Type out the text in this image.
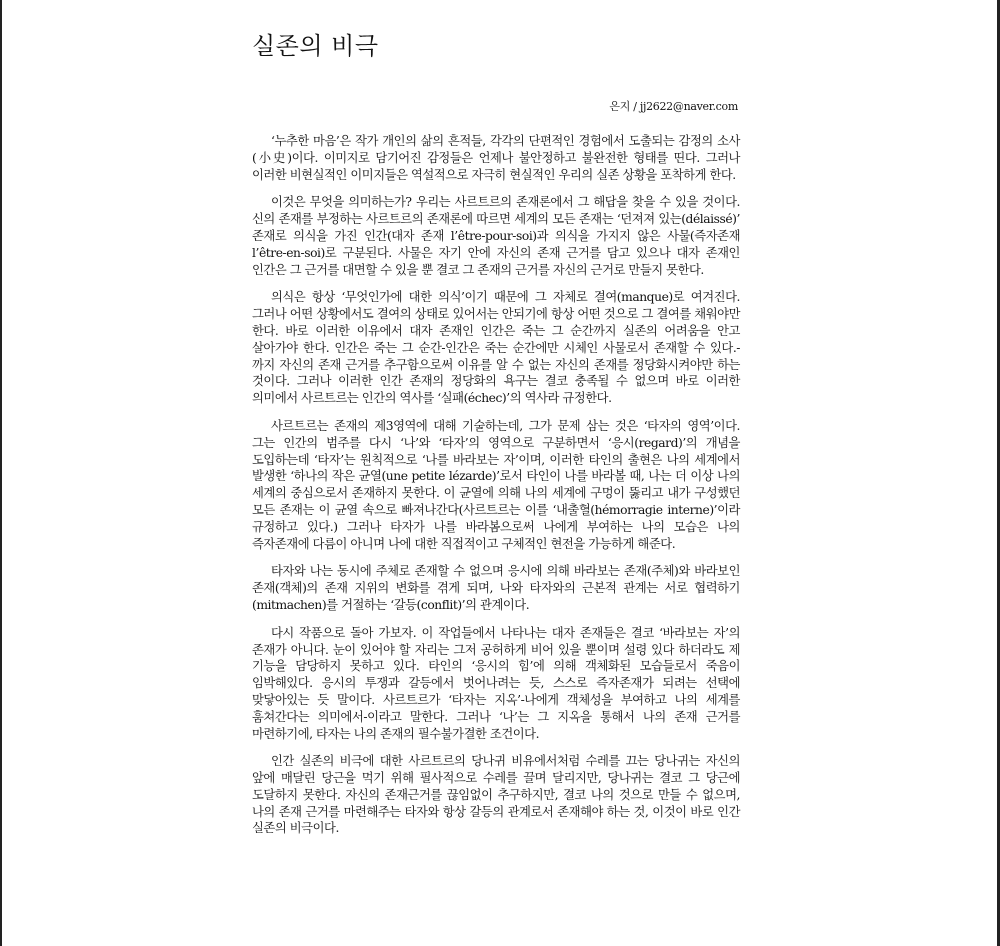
실존의 비극
은지 / jj2622@naver.com

‘누추한 마음’은 작가 개인의 삶의 흔적들, 각각의 단편적인 경험에서 도출되는 감정의 소사(小史)이다. 이미지로 담기어진 감정들은 언제나 불안정하고 불완전한 형태를 띤다. 그러나 이러한 비현실적인 이미지들은 역설적으로 자극히 현실적인 우리의 실존 상황을 포착하게 한다.

이것은 무엇을 의미하는가? 우리는 사르트르의 존재론에서 그 해답을 찾을 수 있을 것이다. 신의 존재를 부정하는 사르트르의 존재론에 따르면 세계의 모든 존재는 ‘던져져 있는(délaissé)’ 존재로 의식을 가진 인간(대자 존재 l’être-pour-soi)과 의식을 가지지 않은 사물(즉자존재 l’être-en-soi)로 구분된다. 사물은 자기 안에 자신의 존재 근거를 담고 있으나 대자 존재인 인간은 그 근거를 대면할 수 있을 뿐 결코 그 존재의 근거를 자신의 근거로 만들지 못한다.

의식은 항상 ‘무엇인가에 대한 의식’이기 때문에 그 자체로 결여(manque)로 여겨진다. 그러나 어떤 상황에서도 결여의 상태로 있어서는 안되기에 항상 어떤 것으로 그 결여를 채워야만 한다. 바로 이러한 이유에서 대자 존재인 인간은 죽는 그 순간까지 실존의 어려움을 안고 살아가야 한다. 인간은 죽는 그 순간-인간은 죽는 순간에만 시체인 사물로서 존재할 수 있다.-까지 자신의 존재 근거를 추구함으로써 이유를 알 수 없는 자신의 존재를 정당화시켜야만 하는 것이다. 그러나 이러한 인간 존재의 정당화의 욕구는 결코 충족될 수 없으며 바로 이러한 의미에서 사르트르는 인간의 역사를 ‘실패(échec)’의 역사라 규정한다.

사르트르는 존재의 제3영역에 대해 기술하는데, 그가 문제 삼는 것은 ‘타자의 영역’이다. 그는 인간의 범주를 다시 ‘나’와 ‘타자’의 영역으로 구분하면서 ‘응시(regard)’의 개념을 도입하는데 ‘타자’는 원칙적으로 ‘나를 바라보는 자’이며, 이러한 타인의 출현은 나의 세계에서 발생한 ‘하나의 작은 균열(une petite lézarde)’로서 타인이 나를 바라볼 때, 나는 더 이상 나의 세계의 중심으로서 존재하지 못한다. 이 균열에 의해 나의 세계에 구멍이 뚫리고 내가 구성했던 모든 존재는 이 균열 속으로 빠져나간다(사르트르는 이를 ‘내출혈(hémorragie interne)’이라 규정하고 있다.) 그러나 타자가 나를 바라봄으로써 나에게 부여하는 나의 모습은 나의 즉자존재에 다름이 아니며 나에 대한 직접적이고 구체적인 현전을 가능하게 해준다.

타자와 나는 동시에 주체로 존재할 수 없으며 응시에 의해 바라보는 존재(주체)와 바라보인 존재(객체)의 존재 지위의 변화를 겪게 되며, 나와 타자와의 근본적 관계는 서로 협력하기(mitmachen)를 거절하는 ‘갈등(conflit)’의 관계이다.

다시 작품으로 돌아 가보자. 이 작업들에서 나타나는 대자 존재들은 결코 ‘바라보는 자’의 존재가 아니다. 눈이 있어야 할 자리는 그저 공허하게 비어 있을 뿐이며 설령 있다 하더라도 제 기능을 담당하지 못하고 있다. 타인의 ‘응시의 힘’에 의해 객체화된 모습들로서 죽음이 임박해있다. 응시의 투쟁과 갈등에서 벗어나려는 듯, 스스로 즉자존재가 되려는 선택에 맞닿아있는 듯 말이다. 사르트르가 ‘타자는 지옥’-나에게 객체성을 부여하고 나의 세계를 훔쳐간다는 의미에서-이라고 말한다. 그러나 ‘나’는 그 지옥을 통해서 나의 존재 근거를 마련하기에, 타자는 나의 존재의 필수불가결한 조건이다.

인간 실존의 비극에 대한 사르트르의 당나귀 비유에서처럼 수레를 끄는 당나귀는 자신의 앞에 매달린 당근을 먹기 위해 필사적으로 수레를 끌며 달리지만, 당나귀는 결코 그 당근에 도달하지 못한다. 자신의 존재근거를 끊임없이 추구하지만, 결코 나의 것으로 만들 수 없으며, 나의 존재 근거를 마련해주는 타자와 항상 갈등의 관계로서 존재해야 하는 것, 이것이 바로 인간 실존의 비극이다.
